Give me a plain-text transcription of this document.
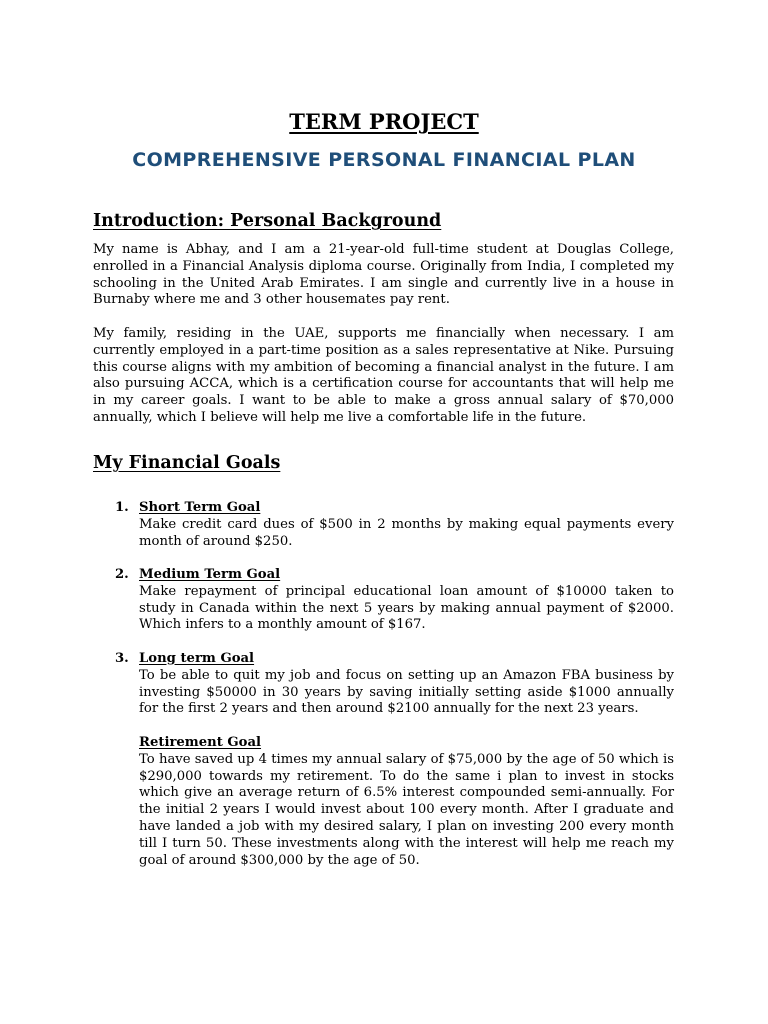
TERM PROJECT
COMPREHENSIVE PERSONAL FINANCIAL PLAN
Introduction: Personal Background

My name is Abhay, and I am a 21-year-old full-time student at Douglas College, enrolled in a Financial Analysis diploma course. Originally from India, I completed my schooling in the United Arab Emirates. I am single and currently live in a house in Burnaby where me and 3 other housemates pay rent.

My family, residing in the UAE, supports me financially when necessary. I am currently employed in a part-time position as a sales representative at Nike. Pursuing this course aligns with my ambition of becoming a financial analyst in the future. I am also pursuing ACCA, which is a certification course for accountants that will help me in my career goals. I want to be able to make a gross annual salary of $70,000 annually, which I believe will help me live a comfortable life in the future.

My Financial Goals
1. Short Term Goal

Make credit card dues of $500 in 2 months by making equal payments every month of around $250.

2. Medium Term Goal

Make repayment of principal educational loan amount of $10000 taken to study in Canada within the next 5 years by making annual payment of $2000. Which infers to a monthly amount of $167.

3. Long term Goal

To be able to quit my job and focus on setting up an Amazon FBA business by investing $50000 in 30 years by saving initially setting aside $1000 annually for the first 2 years and then around $2100 annually for the next 23 years.

Retirement Goal

To have saved up 4 times my annual salary of $75,000 by the age of 50 which is $290,000 towards my retirement. To do the same i plan to invest in stocks which give an average return of 6.5% interest compounded semi-annually. For the initial 2 years I would invest about 100 every month. After I graduate and have landed a job with my desired salary, I plan on investing 200 every month till I turn 50. These investments along with the interest will help me reach my goal of around $300,000 by the age of 50.
